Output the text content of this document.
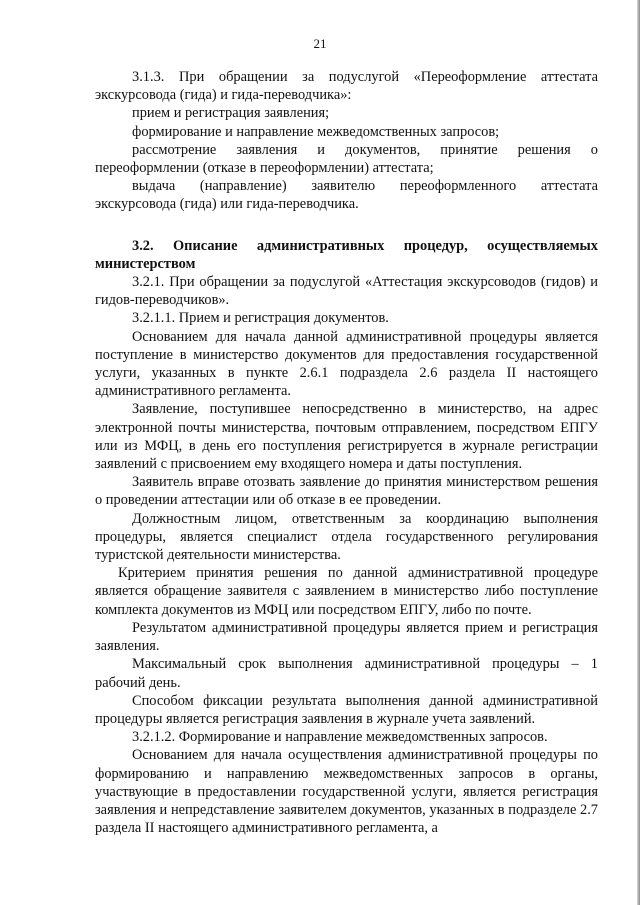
21

3.1.3. При обращении за подуслугой «Переоформление аттестата экскурсовода (гида) и гида-переводчика»:

прием и регистрация заявления;

формирование и направление межведомственных запросов;

рассмотрение заявления и документов, принятие решения о переоформлении (отказе в переоформлении) аттестата;

выдача (направление) заявителю переоформленного аттестата экскурсовода (гида) или гида-переводчика.

3.2. Описание административных процедур, осуществляемых министерством

3.2.1. При обращении за подуслугой «Аттестация экскурсоводов (гидов) и гидов-переводчиков».

3.2.1.1. Прием и регистрация документов.

Основанием для начала данной административной процедуры является поступление в министерство документов для предоставления государственной услуги, указанных в пункте 2.6.1 подраздела 2.6 раздела II настоящего административного регламента.

Заявление, поступившее непосредственно в министерство, на адрес электронной почты министерства, почтовым отправлением, посредством ЕПГУ или из МФЦ, в день его поступления регистрируется в журнале регистрации заявлений с присвоением ему входящего номера и даты поступления.

Заявитель вправе отозвать заявление до принятия министерством решения о проведении аттестации или об отказе в ее проведении.

Должностным лицом, ответственным за координацию выполнения процедуры, является специалист отдела государственного регулирования туристской деятельности министерства.

Критерием принятия решения по данной административной процедуре является обращение заявителя с заявлением в министерство либо поступление комплекта документов из МФЦ или посредством ЕПГУ, либо по почте.

Результатом административной процедуры является прием и регистрация заявления.

Максимальный срок выполнения административной процедуры – 1 рабочий день.

Способом фиксации результата выполнения данной административной процедуры является регистрация заявления в журнале учета заявлений.

3.2.1.2. Формирование и направление межведомственных запросов.

Основанием для начала осуществления административной процедуры по формированию и направлению межведомственных запросов в органы, участвующие в предоставлении государственной услуги, является регистрация заявления и непредставление заявителем документов, указанных в подразделе 2.7 раздела II настоящего административного регламента, а
